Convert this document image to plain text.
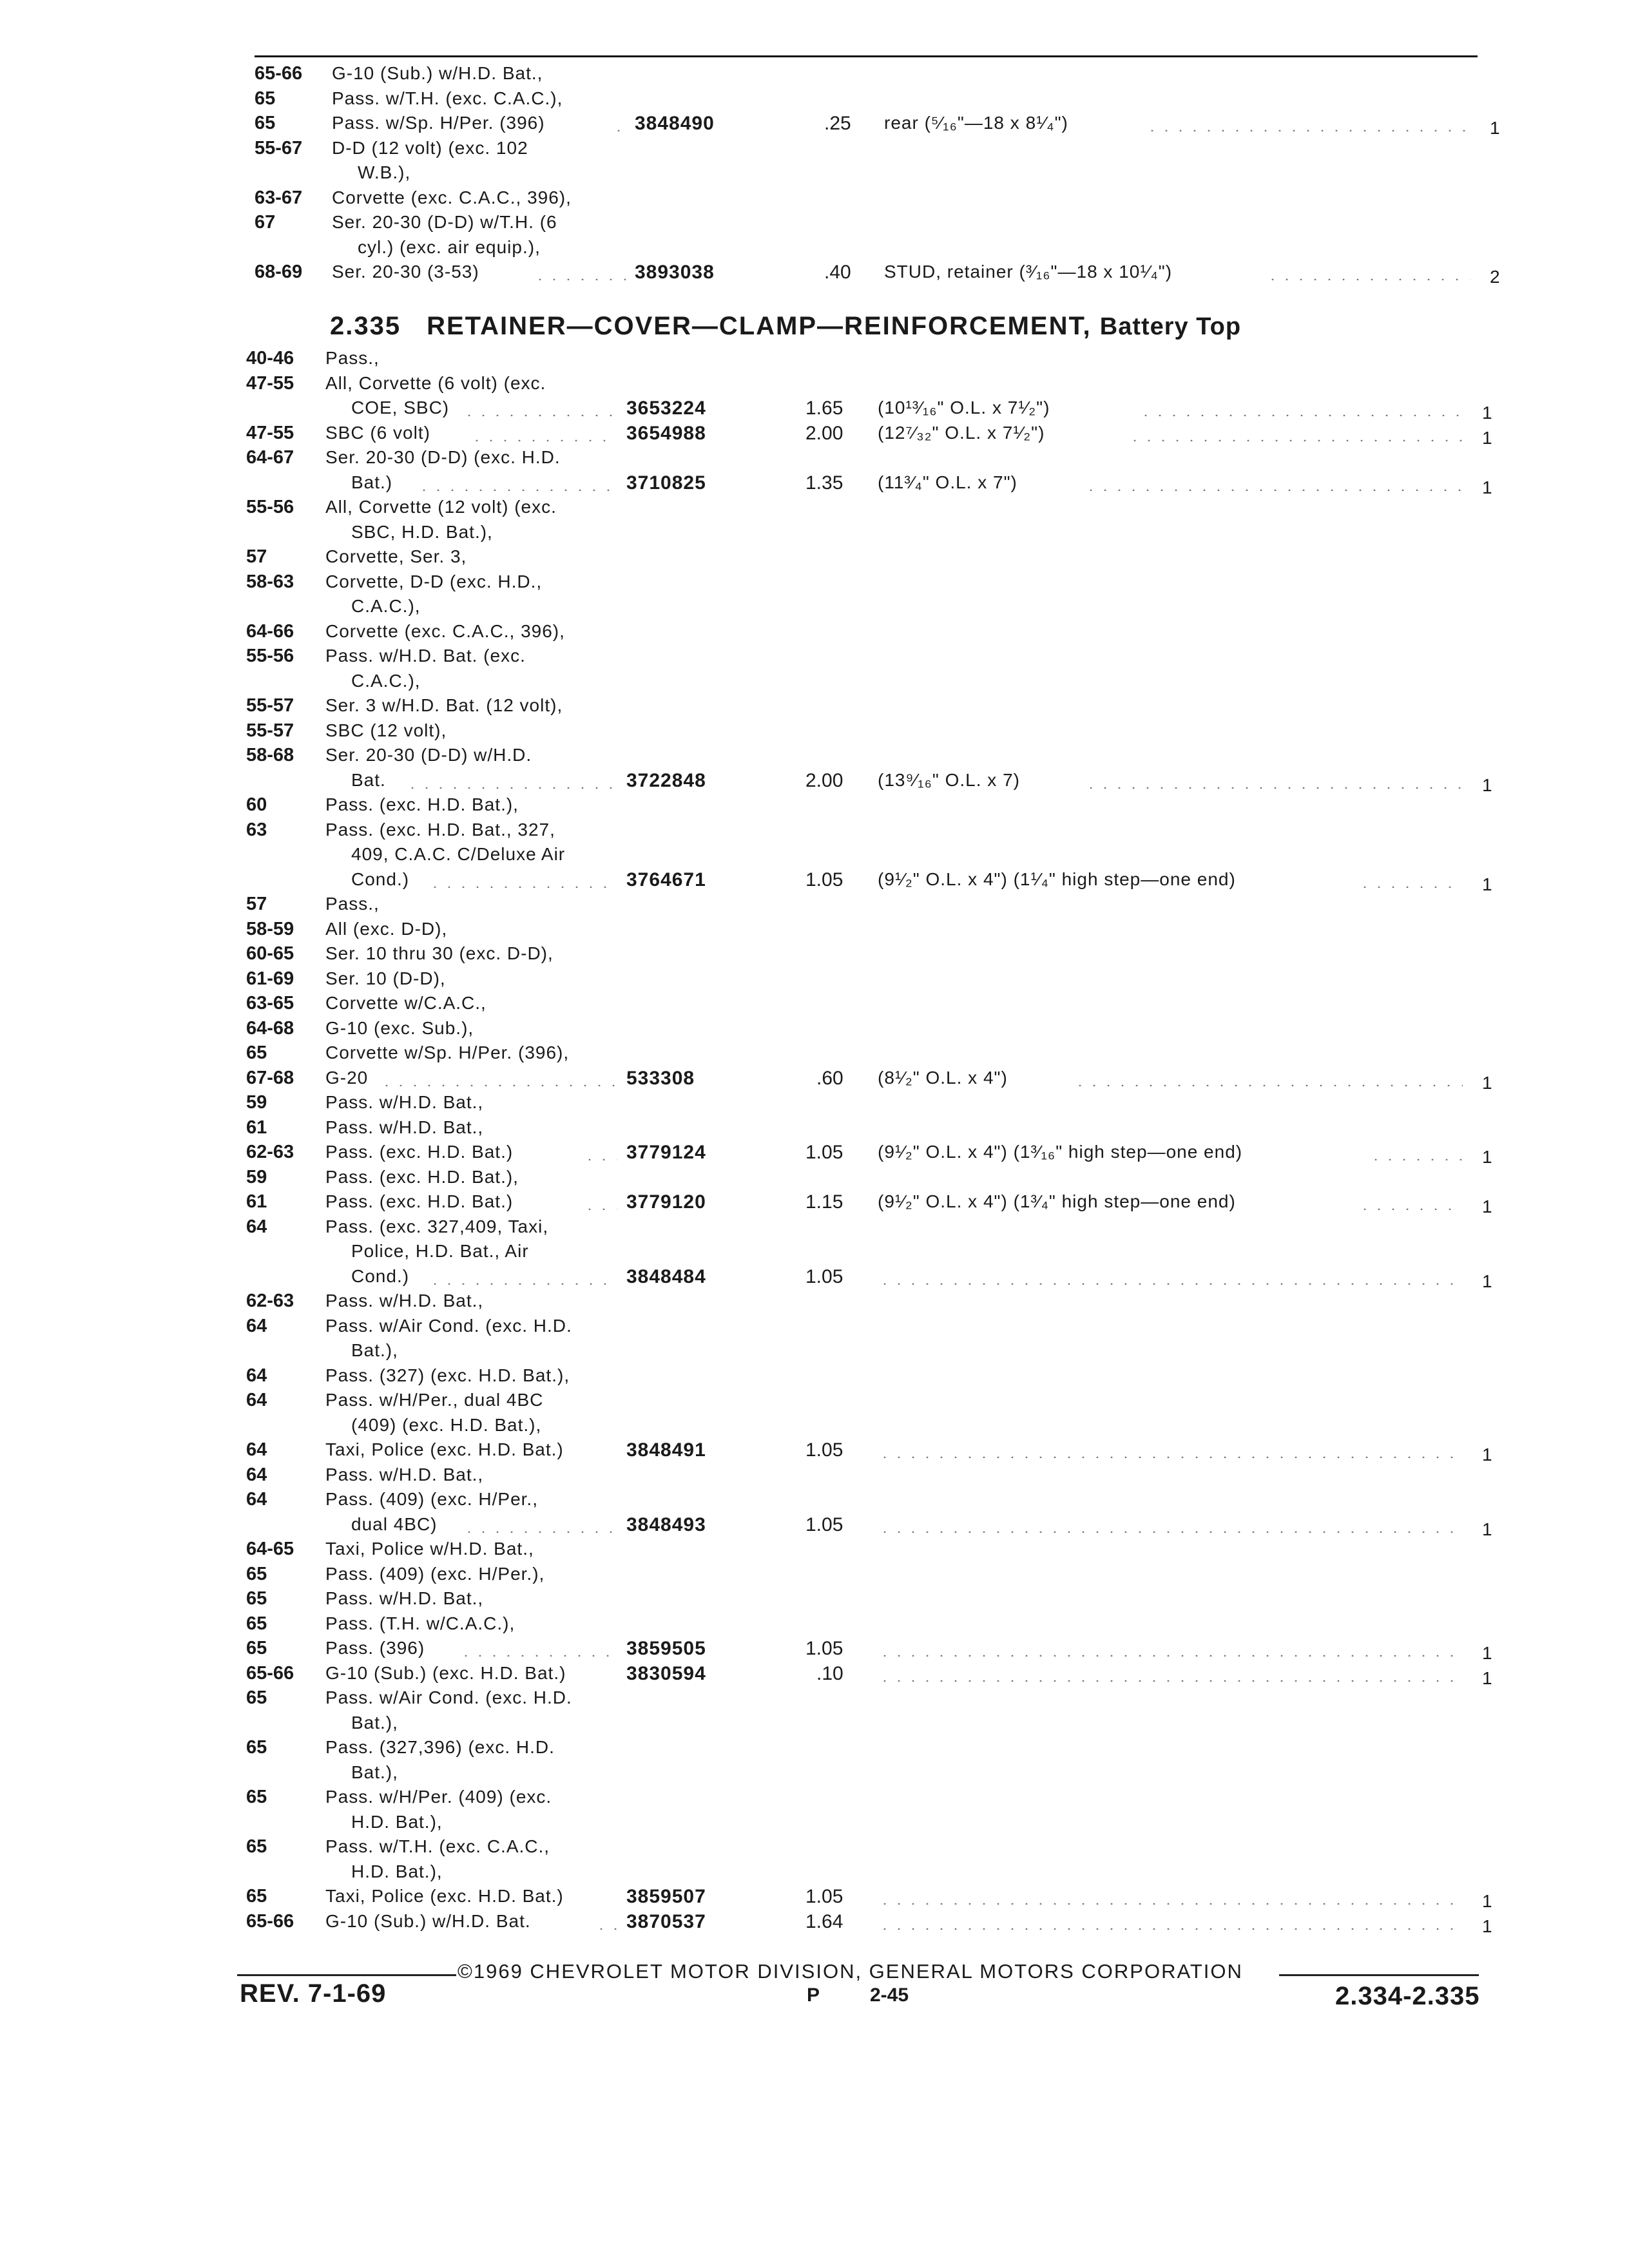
65-66 G-10 (Sub.) w/H.D. Bat.,
65	Pass. w/T.H. (exc. C.A.C.),
65	Pass. w/Sp. H/Per. (396)	3848490	.25 rear (⁵⁄₁₆"—18 x 8¹⁄₄")	1
55-67 D-D (12 volt) (exc. 102
W.B.),
63-67 Corvette (exc. C.A.C., 396),
67	Ser. 20-30 (D-D) w/T.H. (6
cyl.) (exc. air equip.),
68-69 Ser. 20-30 (3-53)	3893038	.40 STUD, retainer (³⁄₁₆"—18 x 10¹⁄₄")	2
2.335 RETAINER—COVER—CLAMP—REINFORCEMENT, Battery Top
40-46 Pass.,
47-55 All, Corvette (6 volt) (exc.
COE, SBC)	3653224	1.65 (10¹³⁄₁₆" O.L. x 7¹⁄₂")	1
47-55 SBC (6 volt)	3654988	2.00 (12⁷⁄₃₂" O.L. x 7¹⁄₂")	1
64-67 Ser. 20-30 (D-D) (exc. H.D.
Bat.)	3710825	1.35 (11³⁄₄" O.L. x 7")	1
55-56 All, Corvette (12 volt) (exc.
SBC, H.D. Bat.),
57	Corvette, Ser. 3,
58-63 Corvette, D-D (exc. H.D.,
C.A.C.),
64-66 Corvette (exc. C.A.C., 396),
55-56 Pass. w/H.D. Bat. (exc.
C.A.C.),
55-57 Ser. 3 w/H.D. Bat. (12 volt),
55-57 SBC (12 volt),
58-68 Ser. 20-30 (D-D) w/H.D.
Bat.	3722848	2.00 (13⁹⁄₁₆" O.L. x 7)	1
60	Pass. (exc. H.D. Bat.),
63	Pass. (exc. H.D. Bat., 327,
409, C.A.C. C/Deluxe Air
Cond.)	3764671	1.05 (9¹⁄₂" O.L. x 4") (1¹⁄₄" high step—one end)	1
57	Pass.,
58-59 All (exc. D-D),
60-65 Ser. 10 thru 30 (exc. D-D),
61-69 Ser. 10 (D-D),
63-65 Corvette w/C.A.C.,
64-68 G-10 (exc. Sub.),
65	Corvette w/Sp. H/Per. (396),
67-68 G-20	533308	.60 (8¹⁄₂" O.L. x 4")	1
59	Pass. w/H.D. Bat.,
61	Pass. w/H.D. Bat.,
62-63 Pass. (exc. H.D. Bat.)	3779124	1.05 (9¹⁄₂" O.L. x 4") (1³⁄₁₆" high step—one end)	1
59	Pass. (exc. H.D. Bat.),
61	Pass. (exc. H.D. Bat.)	3779120	1.15 (9¹⁄₂" O.L. x 4") (1³⁄₄" high step—one end)	1
64	Pass. (exc. 327,409, Taxi,
Police, H.D. Bat., Air
Cond.)	3848484	1.05	1
62-63 Pass. w/H.D. Bat.,
64	Pass. w/Air Cond. (exc. H.D.
Bat.),
64	Pass. (327) (exc. H.D. Bat.),
64	Pass. w/H/Per., dual 4BC
(409) (exc. H.D. Bat.),
64	Taxi, Police (exc. H.D. Bat.)	3848491	1.05	1
64	Pass. w/H.D. Bat.,
64	Pass. (409) (exc. H/Per.,
dual 4BC)	3848493	1.05	1
64-65 Taxi, Police w/H.D. Bat.,
65	Pass. (409) (exc. H/Per.),
65	Pass. w/H.D. Bat.,
65	Pass. (T.H. w/C.A.C.),
65	Pass. (396)	3859505	1.05	1
65-66 G-10 (Sub.) (exc. H.D. Bat.)	3830594	.10	1
65	Pass. w/Air Cond. (exc. H.D.
Bat.),
65	Pass. (327,396) (exc. H.D.
Bat.),
65	Pass. w/H/Per. (409) (exc.
H.D. Bat.),
65	Pass. w/T.H. (exc. C.A.C.,
H.D. Bat.),
65	Taxi, Police (exc. H.D. Bat.)	3859507	1.05	1
65-66 G-10 (Sub.) w/H.D. Bat.	3870537	1.64	1
©1969 CHEVROLET MOTOR DIVISION, GENERAL MOTORS CORPORATION
REV. 7-1-69	P	2-45	2.334-2.335
